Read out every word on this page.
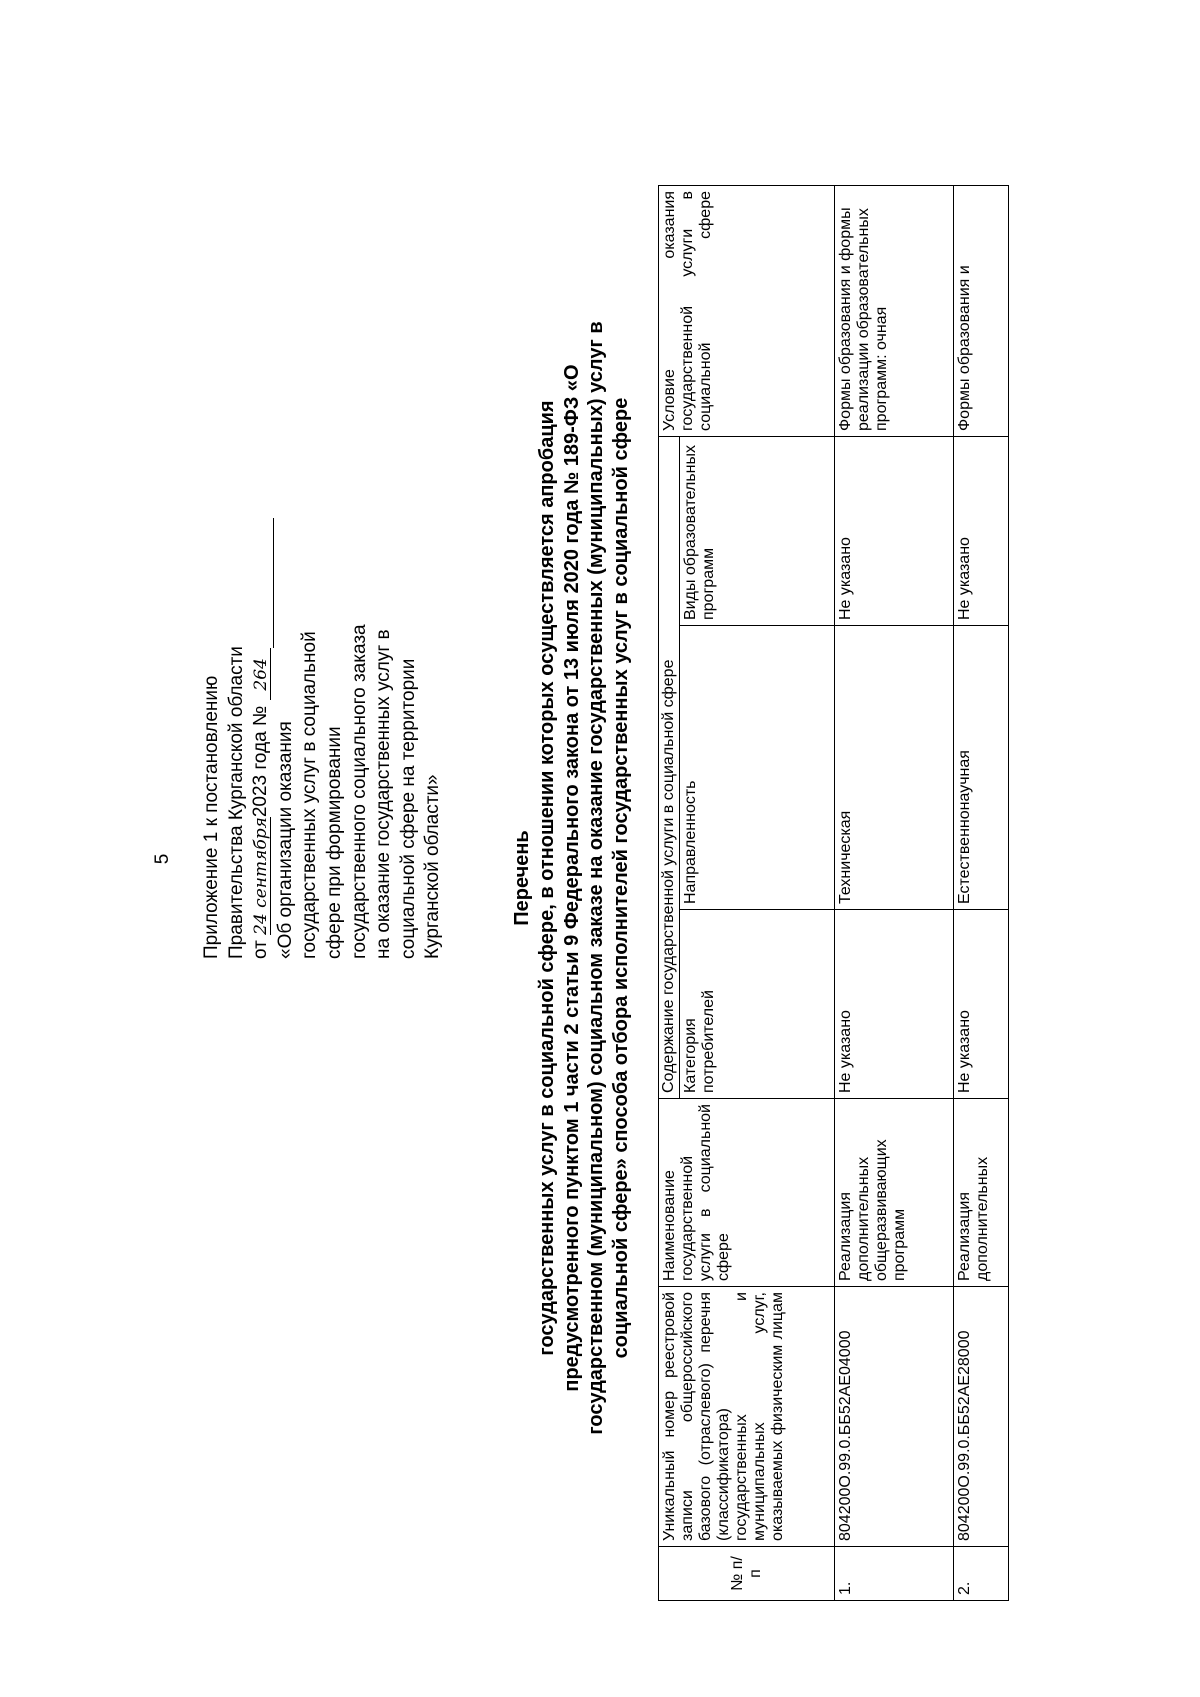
5 Приложение 1 к постановлению Правительства Курганской области от 24 сентября2023 года № 264
«Об организации оказания государственных услуг в социальной сфере при формировании государственного социального заказа на оказание государственных услуг в социальной сфере на территории Курганской области»	Перечень государственных услуг в социальной сфере, в отношении которых осуществляется апробация предусмотренного пунктом 1 части 2 статьи 9 Федерального закона от 13 июля 2020 года № 189-ФЗ «О государственном (муниципальном) социальном заказе на оказание государственных (муниципальных) услуг в социальной сфере» способа отбора исполнителей государственных услуг в социальной сфере
№ п/п	Уникальный номер реестровой записи общероссийского базового (отраслевого) перечня (классификатора) государственных и муниципальных услуг, оказываемых физическим лицам	Наименование государственной услуги в социальной сфере	Содержание государственной услуги в социальной сфере			Условие оказания государственной услуги в социальной сфере
			Категория потребителей	Направленность	Виды образовательных программ	
1.	804200О.99.0.ББ52АЕ04000	Реализация дополнительных общеразвивающих программ	Не указано	Техническая	Не указано	Формы образования и формы реализации образовательных программ: очная
2.	804200О.99.0.ББ52АЕ28000	Реализация дополнительных	Не указано	Естественнонаучная	Не указано	Формы образования и
